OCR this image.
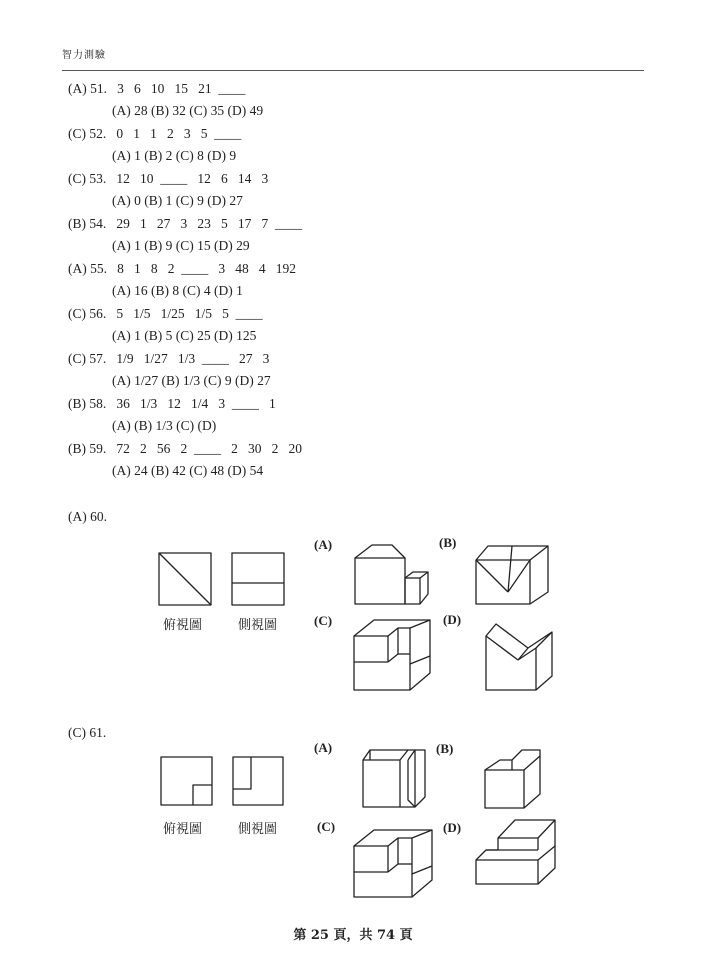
智力測驗
(A) 51.   3   6   10   15   21  ____
(A) 28 (B) 32 (C) 35 (D) 49
(C) 52.   0   1   1   2   3   5  ____
(A) 1 (B) 2 (C) 8 (D) 9
(C) 53.   12   10  ____   12   6   14   3
(A) 0 (B) 1 (C) 9 (D) 27
(B) 54.   29   1   27   3   23   5   17   7  ____
(A) 1 (B) 9 (C) 15 (D) 29
(A) 55.   8   1   8   2  ____   3   48   4   192
(A) 16 (B) 8 (C) 4 (D) 1
(C) 56.   5   1/5   1/25   1/5   5  ____
(A) 1 (B) 5 (C) 25 (D) 125
(C) 57.   1/9   1/27   1/3  ____   27   3
(A) 1/27 (B) 1/3 (C) 9 (D) 27
(B) 58.   36   1/3   12   1/4   3  ____   1
(A) (B) 1/3 (C) (D)
(B) 59.   72   2   56   2  ____   2   30   2   20
(A) 24 (B) 42 (C) 48 (D) 54
(A) 60.
俯視圖	側視圖
(A)	(B)
(C)	(D)
(C) 61.
俯視圖	側視圖
(A)	(B)
(C)	(D)
第 25 頁，共 74 頁
